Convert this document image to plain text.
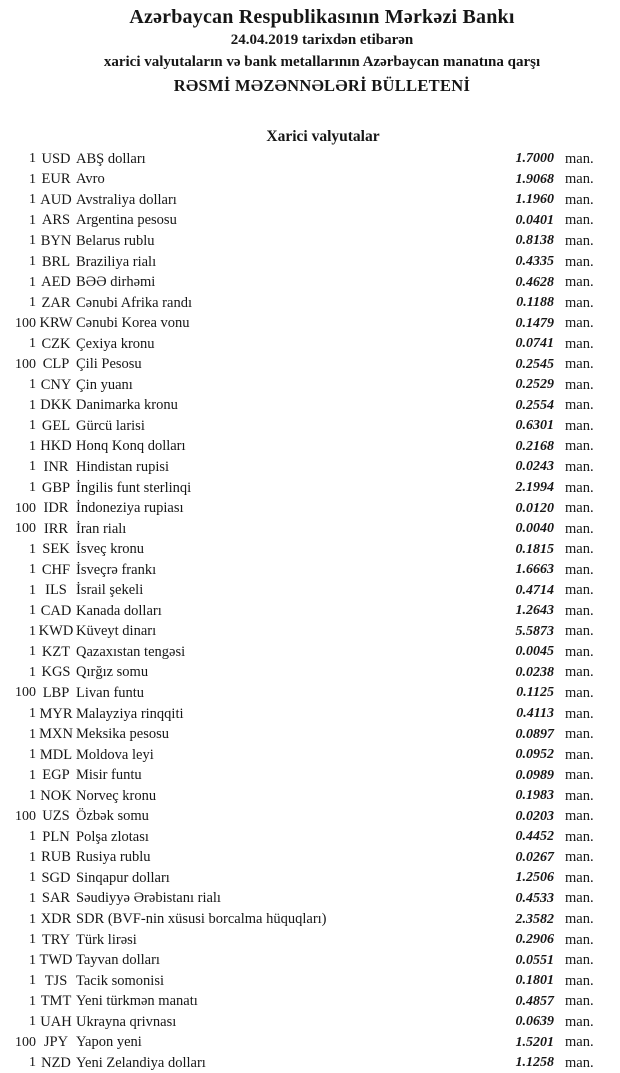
Azərbaycan Respublikasının Mərkəzi Bankı
24.04.2019 tarixdən etibarən
xarici valyutaların və bank metallarının Azərbaycan manatına qarşı
RƏSMİ MƏZƏNNƏLƏRİ BÜLLETENİ
Xarici valyutalar
1 USD ABŞ dolları	1.7000 man.
1 EUR Avro	1.9068 man.
1 AUD Avstraliya dolları	1.1960 man.
1 ARS Argentina pesosu	0.0401 man.
1 BYN Belarus rublu	0.8138 man.
1 BRL Braziliya rialı	0.4335 man.
1 AED BƏƏ dirhəmi	0.4628 man.
1 ZAR Cənubi Afrika randı	0.1188 man.
100 KRW Cənubi Korea vonu	0.1479 man.
1 CZK Çexiya kronu	0.0741 man.
100 CLP Çili Pesosu	0.2545 man.
1 CNY Çin yuanı	0.2529 man.
1 DKK Danimarka kronu	0.2554 man.
1 GEL Gürcü larisi	0.6301 man.
1 HKD Honq Konq dolları	0.2168 man.
1 INR Hindistan rupisi	0.0243 man.
1 GBP İngilis funt sterlinqi	2.1994 man.
100 IDR İndoneziya rupiası	0.0120 man.
100 IRR İran rialı	0.0040 man.
1 SEK İsveç kronu	0.1815 man.
1 CHF İsveçrə frankı	1.6663 man.
1 ILS İsrail şekeli	0.4714 man.
1 CAD Kanada dolları	1.2643 man.
1 KWD Küveyt dinarı	5.5873 man.
1 KZT Qazaxıstan tengəsi	0.0045 man.
1 KGS Qırğız somu	0.0238 man.
100 LBP Livan funtu	0.1125 man.
1 MYR Malayziya rinqqiti	0.4113 man.
1 MXN Meksika pesosu	0.0897 man.
1 MDL Moldova leyi	0.0952 man.
1 EGP Misir funtu	0.0989 man.
1 NOK Norveç kronu	0.1983 man.
100 UZS Özbək somu	0.0203 man.
1 PLN Polşa zlotası	0.4452 man.
1 RUB Rusiya rublu	0.0267 man.
1 SGD Sinqapur dolları	1.2506 man.
1 SAR Səudiyyə Ərəbistanı rialı	0.4533 man.
1 XDR SDR (BVF-nin xüsusi borcalma hüquqları)	2.3582 man.
1 TRY Türk lirəsi	0.2906 man.
1 TWD Tayvan dolları	0.0551 man.
1 TJS Tacik somonisi	0.1801 man.
1 TMT Yeni türkmən manatı	0.4857 man.
1 UAH Ukrayna qrivnası	0.0639 man.
100 JPY Yapon yeni	1.5201 man.
1 NZD Yeni Zelandiya dolları	1.1258 man.
